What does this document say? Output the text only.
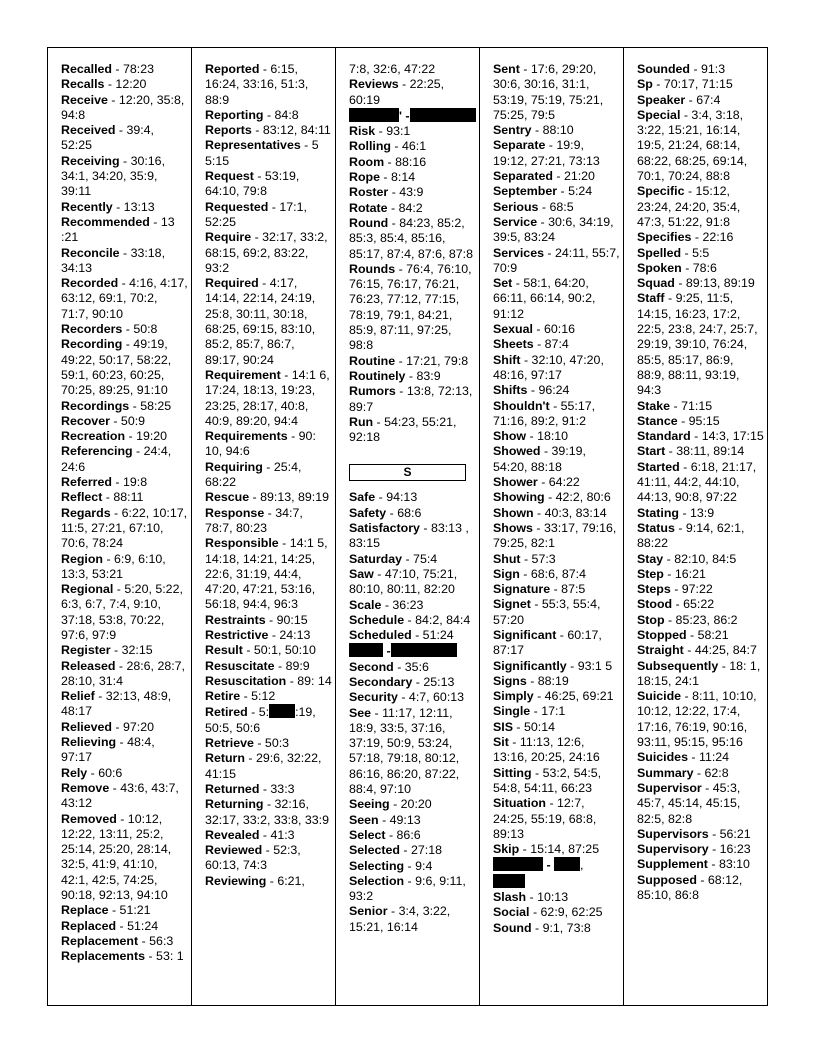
Recalled - 78:23
Recalls - 12:20
Receive - 12:20, 35:8, 94:8
Received - 39:4, 52:25
Receiving - 30:16, 34:1, 34:20, 35:9, 39:11
Recently - 13:13
Recommended - 13 :21
Reconcile - 33:18, 34:13
Recorded - 4:16, 4:17, 63:12, 69:1, 70:2, 71:7, 90:10
Recorders - 50:8
Recording - 49:19, 49:22, 50:17, 58:22, 59:1, 60:23, 60:25, 70:25, 89:25, 91:10
Recordings - 58:25
Recover - 50:9
Recreation - 19:20
Referencing - 24:4, 24:6
Referred - 19:8
Reflect - 88:11
Regards - 6:22, 10:17, 11:5, 27:21, 67:10, 70:6, 78:24
Region - 6:9, 6:10, 13:3, 53:21
Regional - 5:20, 5:22, 6:3, 6:7, 7:4, 9:10, 37:18, 53:8, 70:22, 97:6, 97:9
Register - 32:15
Released - 28:6, 28:7, 28:10, 31:4
Relief - 32:13, 48:9, 48:17
Relieved - 97:20
Relieving - 48:4, 97:17
Rely - 60:6
Remove - 43:6, 43:7, 43:12
Removed - 10:12, 12:22, 13:11, 25:2, 25:14, 25:20, 28:14, 32:5, 41:9, 41:10, 42:1, 42:5, 74:25, 90:18, 92:13, 94:10
Replace - 51:21
Replaced - 51:24
Replacement - 56:3
Replacements - 53: 1
Reported - 6:15, 16:24, 33:16, 51:3, 88:9
Reporting - 84:8
Reports - 83:12, 84:11
Representatives - 5 5:15
Request - 53:19, 64:10, 79:8
Requested - 17:1, 52:25
Require - 32:17, 33:2, 68:15, 69:2, 83:22, 93:2
Required - 4:17, 14:14, 22:14, 24:19, 25:8, 30:11, 30:18, 68:25, 69:15, 83:10, 85:2, 85:7, 86:7, 89:17, 90:24
Requirement - 14:1 6, 17:24, 18:13, 19:23, 23:25, 28:17, 40:8, 40:9, 89:20, 94:4
Requirements - 90: 10, 94:6
Requiring - 25:4, 68:22
Rescue - 89:13, 89:19
Response - 34:7, 78:7, 80:23
Responsible - 14:1 5, 14:18, 14:21, 14:25, 22:6, 31:19, 44:4, 47:20, 47:21, 53:16, 56:18, 94:4, 96:3
Restraints - 90:15
Restrictive - 24:13
Result - 50:1, 50:10
Resuscitate - 89:9
Resuscitation - 89: 14
Retire - 5:12
Retired - 5: :19, 50:5, 50:6
Retrieve - 50:3
Return - 29:6, 32:22, 41:15
Returned - 33:3
Returning - 32:16, 32:17, 33:2, 33:8, 33:9
Revealed - 41:3
Reviewed - 52:3, 60:13, 74:3
Reviewing - 6:21,
7:8, 32:6, 47:22
Reviews - 22:25, 60:19
' -
Risk - 93:1
Rolling - 46:1
Room - 88:16
Rope - 8:14
Roster - 43:9
Rotate - 84:2
Round - 84:23, 85:2, 85:3, 85:4, 85:16, 85:17, 87:4, 87:6, 87:8
Rounds - 76:4, 76:10, 76:15, 76:17, 76:21, 76:23, 77:12, 77:15, 78:19, 79:1, 84:21, 85:9, 87:11, 97:25, 98:8
Routine - 17:21, 79:8
Routinely - 83:9
Rumors - 13:8, 72:13, 89:7
Run - 54:23, 55:21, 92:18
S
Safe - 94:13
Safety - 68:6
Satisfactory - 83:13 , 83:15
Saturday - 75:4
Saw - 47:10, 75:21, 80:10, 80:11, 82:20
Scale - 36:23
Schedule - 84:2, 84:4
Scheduled - 51:24
-
Second - 35:6
Secondary - 25:13
Security - 4:7, 60:13
See - 11:17, 12:11, 18:9, 33:5, 37:16, 37:19, 50:9, 53:24, 57:18, 79:18, 80:12, 86:16, 86:20, 87:22, 88:4, 97:10
Seeing - 20:20
Seen - 49:13
Select - 86:6
Selected - 27:18
Selecting - 9:4
Selection - 9:6, 9:11, 93:2
Senior - 3:4, 3:22, 15:21, 16:14
Sent - 17:6, 29:20, 30:6, 30:16, 31:1, 53:19, 75:19, 75:21, 75:25, 79:5
Sentry - 88:10
Separate - 19:9, 19:12, 27:21, 73:13
Separated - 21:20
September - 5:24
Serious - 68:5
Service - 30:6, 34:19, 39:5, 83:24
Services - 24:11, 55:7, 70:9
Set - 58:1, 64:20, 66:11, 66:14, 90:2, 91:12
Sexual - 60:16
Sheets - 87:4
Shift - 32:10, 47:20, 48:16, 97:17
Shifts - 96:24
Shouldn't - 55:17, 71:16, 89:2, 91:2
Show - 18:10
Showed - 39:19, 54:20, 88:18
Shower - 64:22
Showing - 42:2, 80:6
Shown - 40:3, 83:14
Shows - 33:17, 79:16, 79:25, 82:1
Shut - 57:3
Sign - 68:6, 87:4
Signature - 87:5
Signet - 55:3, 55:4, 57:20
Significant - 60:17, 87:17
Significantly - 93:1 5
Signs - 88:19
Simply - 46:25, 69:21
Single - 17:1
SIS - 50:14
Sit - 11:13, 12:6, 13:16, 20:25, 24:16
Sitting - 53:2, 54:5, 54:8, 54:11, 66:23
Situation - 12:7, 24:25, 55:19, 68:8, 89:13
Skip - 15:14, 87:25
- ,

Slash - 10:13
Social - 62:9, 62:25
Sound - 9:1, 73:8
Sounded - 91:3
Sp - 70:17, 71:15
Speaker - 67:4
Special - 3:4, 3:18, 3:22, 15:21, 16:14, 19:5, 21:24, 68:14, 68:22, 68:25, 69:14, 70:1, 70:24, 88:8
Specific - 15:12, 23:24, 24:20, 35:4, 47:3, 51:22, 91:8
Specifies - 22:16
Spelled - 5:5
Spoken - 78:6
Squad - 89:13, 89:19
Staff - 9:25, 11:5, 14:15, 16:23, 17:2, 22:5, 23:8, 24:7, 25:7, 29:19, 39:10, 76:24, 85:5, 85:17, 86:9, 88:9, 88:11, 93:19, 94:3
Stake - 71:15
Stance - 95:15
Standard - 14:3, 17:15
Start - 38:11, 89:14
Started - 6:18, 21:17, 41:11, 44:2, 44:10, 44:13, 90:8, 97:22
Stating - 13:9
Status - 9:14, 62:1, 88:22
Stay - 82:10, 84:5
Step - 16:21
Steps - 97:22
Stood - 65:22
Stop - 85:23, 86:2
Stopped - 58:21
Straight - 44:25, 84:7
Subsequently - 18: 1, 18:15, 24:1
Suicide - 8:11, 10:10, 10:12, 12:22, 17:4, 17:16, 76:19, 90:16, 93:11, 95:15, 95:16
Suicides - 11:24
Summary - 62:8
Supervisor - 45:3, 45:7, 45:14, 45:15, 82:5, 82:8
Supervisors - 56:21
Supervisory - 16:23
Supplement - 83:10
Supposed - 68:12, 85:10, 86:8
